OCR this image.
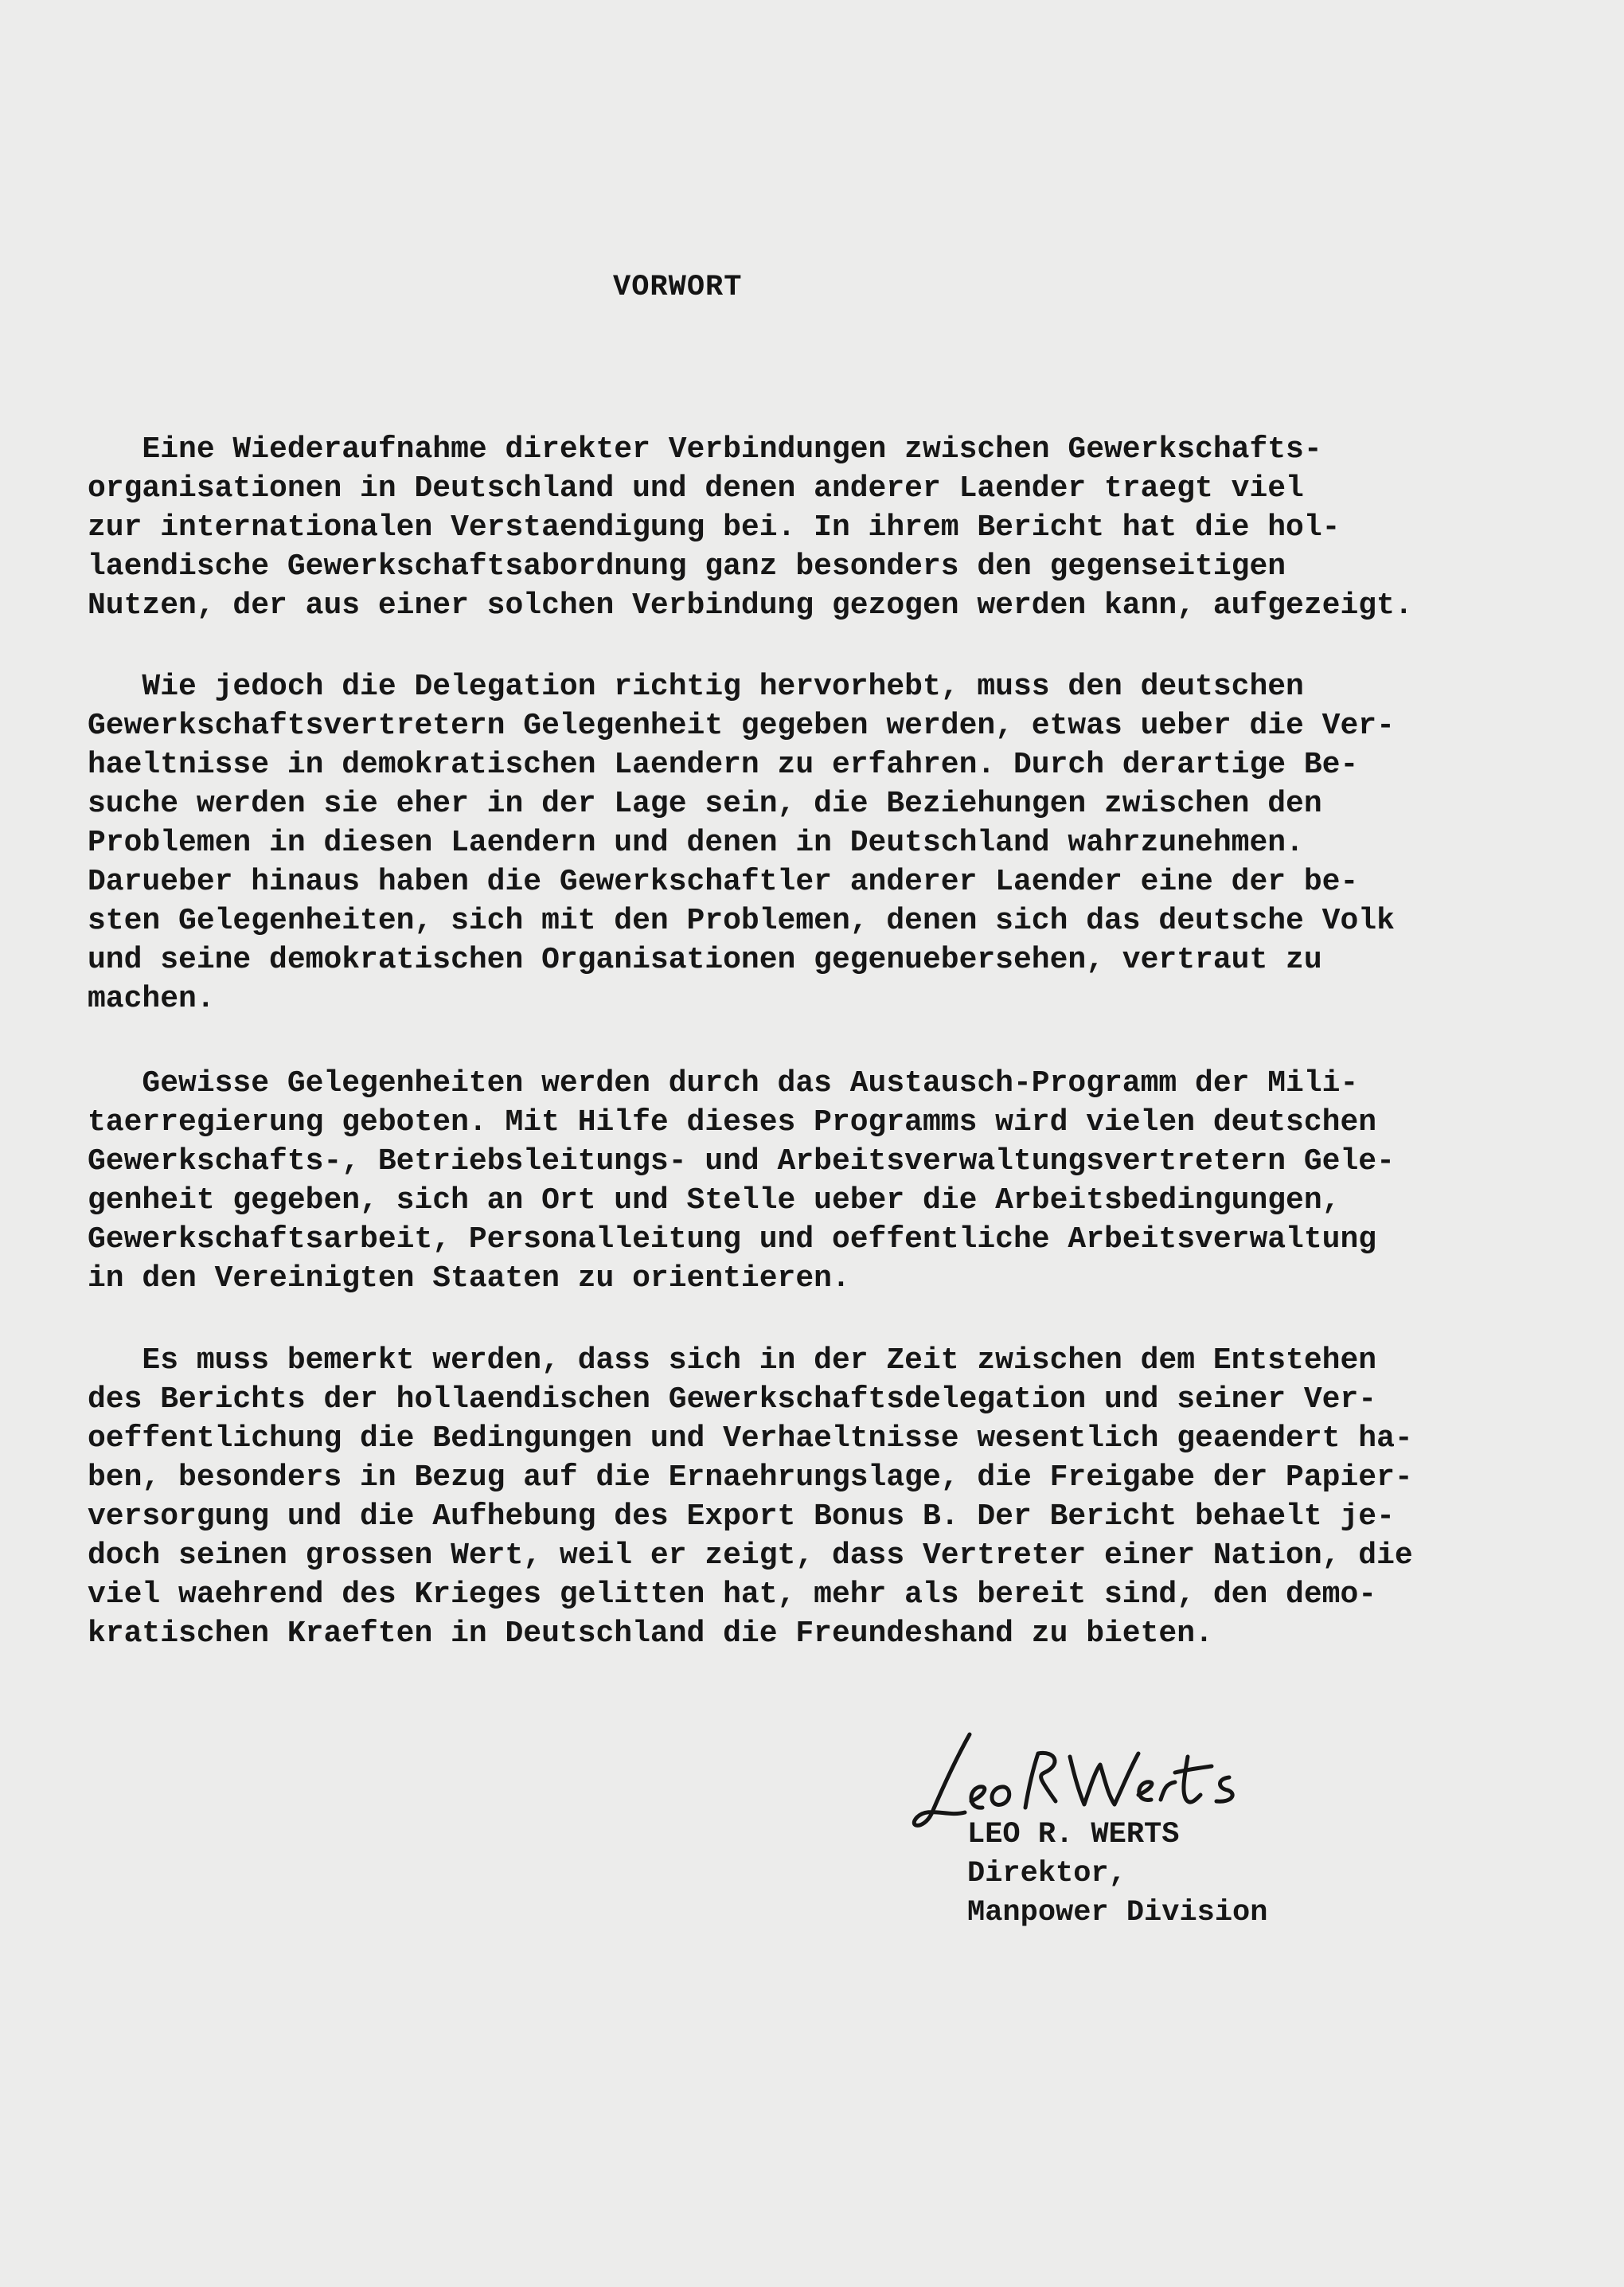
VORWORT
Eine Wiederaufnahme direkter Verbindungen zwischen Gewerkschafts-
organisationen in Deutschland und denen anderer Laender traegt viel
zur internationalen Verstaendigung bei. In ihrem Bericht hat die hol-
laendische Gewerkschaftsabordnung ganz besonders den gegenseitigen
Nutzen, der aus einer solchen Verbindung gezogen werden kann, aufgezeigt.
Wie jedoch die Delegation richtig hervorhebt, muss den deutschen
Gewerkschaftsvertretern Gelegenheit gegeben werden, etwas ueber die Ver-
haeltnisse in demokratischen Laendern zu erfahren. Durch derartige Be-
suche werden sie eher in der Lage sein, die Beziehungen zwischen den
Problemen in diesen Laendern und denen in Deutschland wahrzunehmen.
Darueber hinaus haben die Gewerkschaftler anderer Laender eine der be-
sten Gelegenheiten, sich mit den Problemen, denen sich das deutsche Volk
und seine demokratischen Organisationen gegenuebersehen, vertraut zu
machen.
Gewisse Gelegenheiten werden durch das Austausch-Programm der Mili-
taerregierung geboten. Mit Hilfe dieses Programms wird vielen deutschen
Gewerkschafts-, Betriebsleitungs- und Arbeitsverwaltungsvertretern Gele-
genheit gegeben, sich an Ort und Stelle ueber die Arbeitsbedingungen,
Gewerkschaftsarbeit, Personalleitung und oeffentliche Arbeitsverwaltung
in den Vereinigten Staaten zu orientieren.
Es muss bemerkt werden, dass sich in der Zeit zwischen dem Entstehen
des Berichts der hollaendischen Gewerkschaftsdelegation und seiner Ver-
oeffentlichung die Bedingungen und Verhaeltnisse wesentlich geaendert ha-
ben, besonders in Bezug auf die Ernaehrungslage, die Freigabe der Papier-
versorgung und die Aufhebung des Export Bonus B. Der Bericht behaelt je-
doch seinen grossen Wert, weil er zeigt, dass Vertreter einer Nation, die
viel waehrend des Krieges gelitten hat, mehr als bereit sind, den demo-
kratischen Kraeften in Deutschland die Freundeshand zu bieten.
LEO R. WERTS
Direktor,
Manpower Division
